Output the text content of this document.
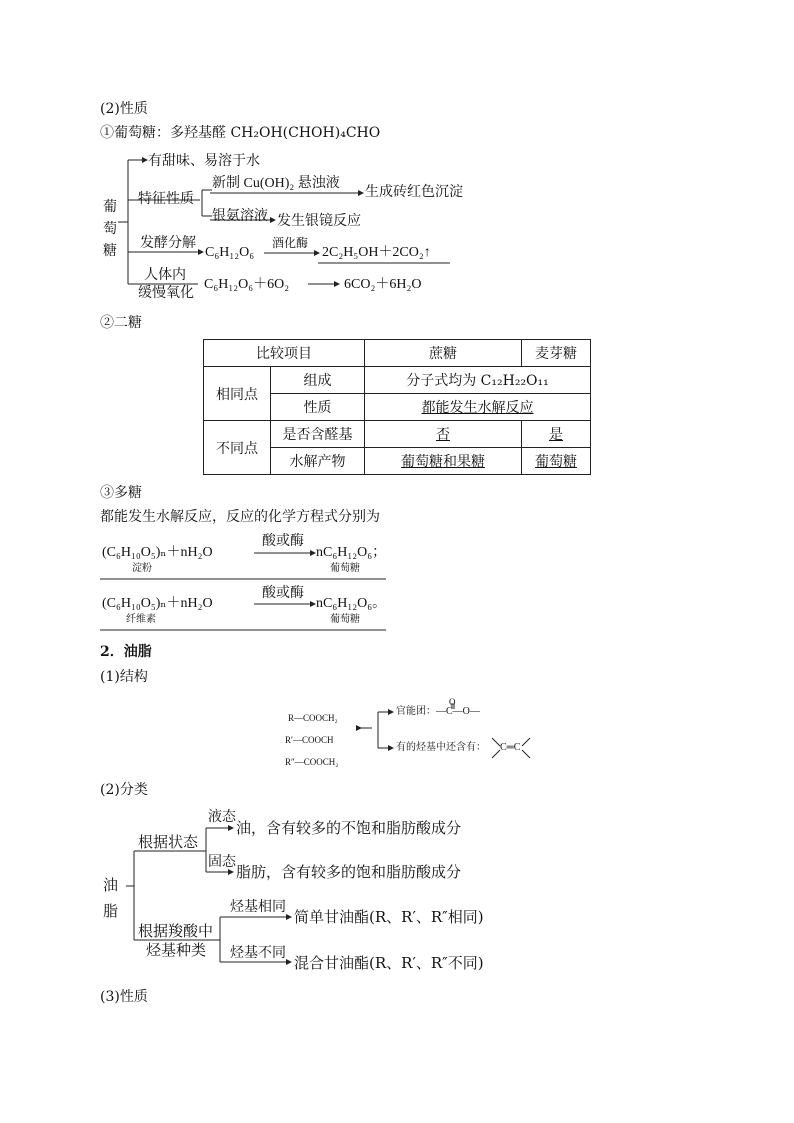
(2)性质
①葡萄糖：多羟基醛 CH₂OH(CHOH)₄CHO
葡
萄
糖
有甜味、易溶于水
特征性质
新制 Cu(OH)₂ 悬浊液
生成砖红色沉淀
银氨溶液 发生银镜反应
发酵分解
C₆H₁₂O₆
酒化酶
2C₂H₅OH＋2CO₂↑
人体内
缓慢氧化
C₆H₁₂O₆＋6O₂	6CO₂＋6H₂O
②二糖
比较项目		蔗糖	麦芽糖
相同点	组成	分子式均为 C₁₂H₂₂O₁₁	
	性质	都能发生水解反应	
不同点	是否含醛基	否	是
	水解产物	葡萄糖和果糖	葡萄糖
③多糖
都能发生水解反应，反应的化学方程式分别为
(C₆H₁₀O₅)ₙ＋nH₂O
淀粉
酸或酶
nC₆H₁₂O₆；
葡萄糖
(C₆H₁₀O₅)ₙ＋nH₂O
纤维素
酸或酶
nC₆H₁₂O₆。
葡萄糖
2．油脂
(1)结构
R—COOCH₂
R′—COOCH
R″—COOCH₂
O
官能团： —C—O—
有的烃基中还含有： C═C
(2)分类
油
脂
根据状态
液态
油，含有较多的不饱和脂肪酸成分
固态
脂肪，含有较多的饱和脂肪酸成分
根据羧酸中
烃基种类
烃基相同
简单甘油酯(R、R′、R″相同)
烃基不同
混合甘油酯(R、R′、R″不同)
(3)性质
